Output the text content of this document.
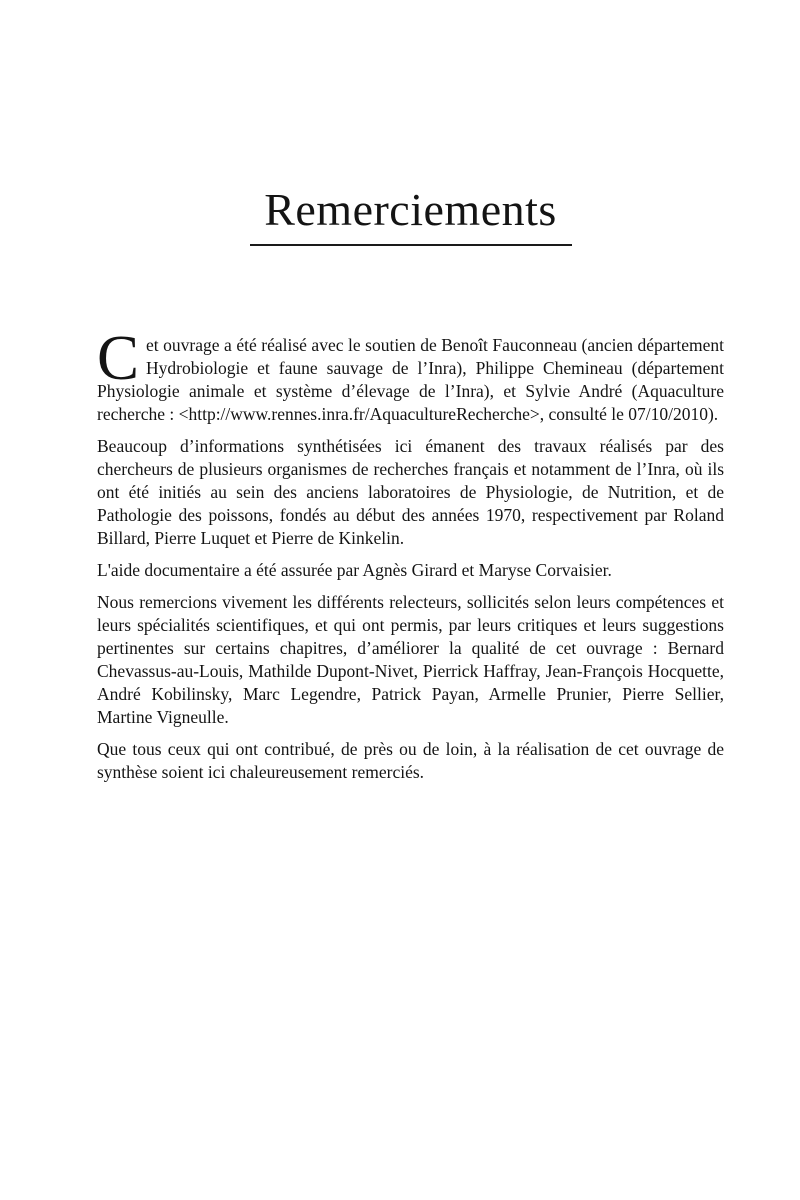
Remerciements

Cet ouvrage a été réalisé avec le soutien de Benoît Fauconneau (ancien département Hydrobiologie et faune sauvage de l’Inra), Philippe Chemineau (département Physiologie animale et système d’élevage de l’Inra), et Sylvie André (Aquaculture recherche : <http://www.rennes.inra.fr/AquacultureRecherche>, consulté le 07/10/2010).

Beaucoup d’informations synthétisées ici émanent des travaux réalisés par des chercheurs de plusieurs organismes de recherches français et notamment de l’Inra, où ils ont été initiés au sein des anciens laboratoires de Physiologie, de Nutrition, et de Pathologie des poissons, fondés au début des années 1970, respectivement par Roland Billard, Pierre Luquet et Pierre de Kinkelin.

L'aide documentaire a été assurée par Agnès Girard et Maryse Corvaisier.

Nous remercions vivement les différents relecteurs, sollicités selon leurs compétences et leurs spécialités scientifiques, et qui ont permis, par leurs critiques et leurs suggestions pertinentes sur certains chapitres, d’améliorer la qualité de cet ouvrage : Bernard Chevassus-au-Louis, Mathilde Dupont-Nivet, Pierrick Haffray, Jean-François Hocquette, André Kobilinsky, Marc Legendre, Patrick Payan, Armelle Prunier, Pierre Sellier, Martine Vigneulle.

Que tous ceux qui ont contribué, de près ou de loin, à la réalisation de cet ouvrage de synthèse soient ici chaleureusement remerciés.
